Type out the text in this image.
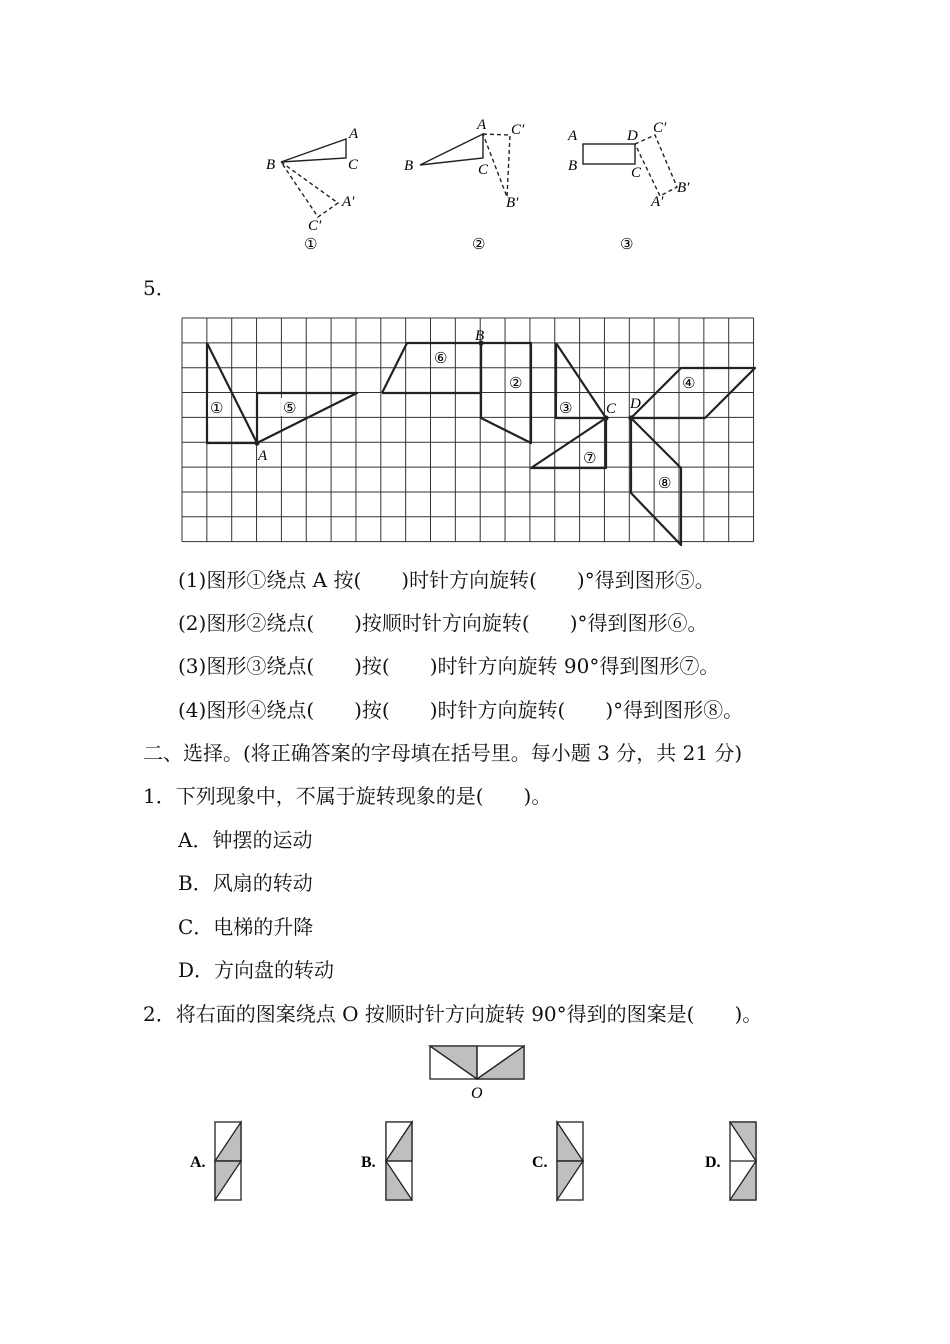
A
B	C
A′
C′
①
A
B	C
C′
B′
②
A
B
D
C
C′
B′
A′
③
5．
①	⑤
⑥
②
③
④
⑦
⑧
A
B
C D
(1)图形①绕点 A 按(　　)时针方向旋转(　　)°得到图形⑤。
(2)图形②绕点(　　)按顺时针方向旋转(　　)°得到图形⑥。
(3)图形③绕点(　　)按(　　)时针方向旋转 90°得到图形⑦。
(4)图形④绕点(　　)按(　　)时针方向旋转(　　)°得到图形⑧。
二、选择。(将正确答案的字母填在括号里。每小题 3 分，共 21 分)
1．下列现象中，不属于旋转现象的是(　　)。
A．钟摆的运动
B．风扇的转动
C．电梯的升降
D．方向盘的转动
2．将右面的图案绕点 O 按顺时针方向旋转 90°得到的图案是(　　)。
O
A.	B.	C.	D.
